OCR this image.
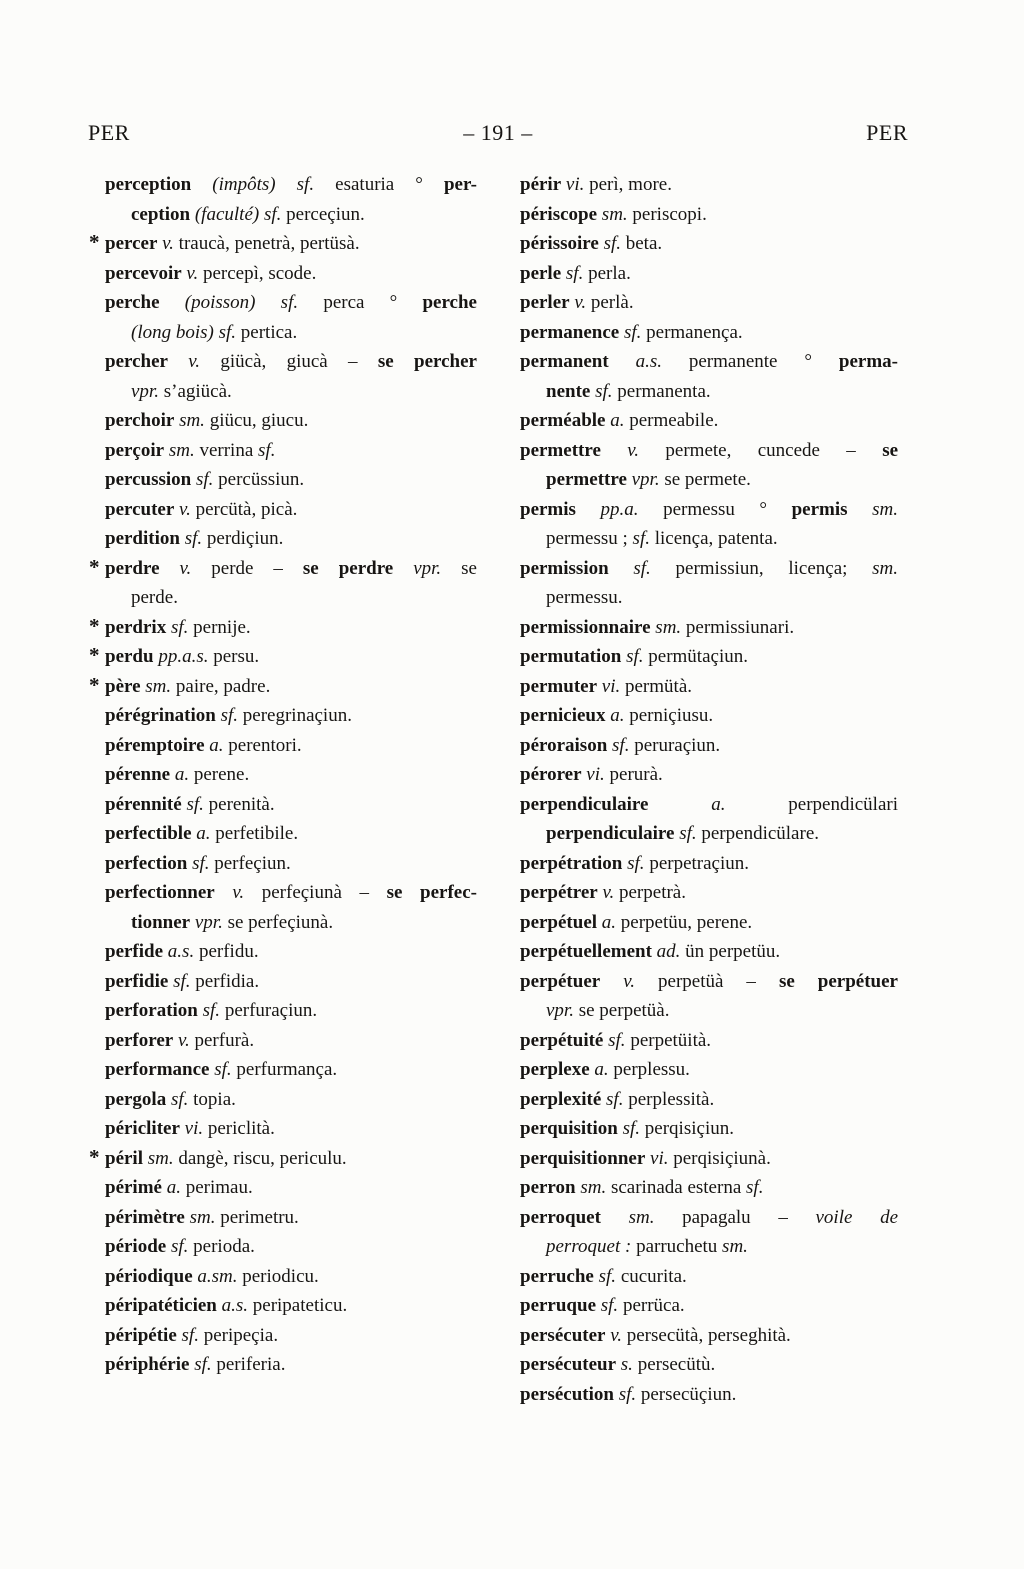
PER	– 191 –	PER
perception (impôts) sf. esaturia ° per-
ception (faculté) sf. perceçiun.
* percer v. traucà, penetrà, pertüsà.
percevoir v. percepì, scode.
perche (poisson) sf. perca ° perche
(long bois) sf. pertica.
percher v. giücà, giucà – se percher
vpr. s’agiücà.
perchoir sm. giücu, giucu.
perçoir sm. verrina sf.
percussion sf. percüssiun.
percuter v. percütà, picà.
perdition sf. perdiçiun.
* perdre v. perde – se perdre vpr. se
perde.
* perdrix sf. pernije.
* perdu pp.a.s. persu.
* père sm. paire, padre.
pérégrination sf. peregrinaçiun.
péremptoire a. perentori.
pérenne a. perene.
pérennité sf. perenità.
perfectible a. perfetibile.
perfection sf. perfeçiun.
perfectionner v. perfeçiunà – se perfec-
tionner vpr. se perfeçiunà.
perfide a.s. perfidu.
perfidie sf. perfidia.
perforation sf. perfuraçiun.
perforer v. perfurà.
performance sf. perfurmança.
pergola sf. topia.
péricliter vi. periclità.
* péril sm. dangè, riscu, periculu.
périmé a. perimau.
périmètre sm. perimetru.
période sf. perioda.
périodique a.sm. periodicu.
péripatéticien a.s. peripateticu.
péripétie sf. peripeçia.
périphérie sf. periferia.
périr vi. perì, more.
périscope sm. periscopi.
périssoire sf. beta.
perle sf. perla.
perler v. perlà.
permanence sf. permanença.
permanent a.s. permanente ° perma-
nente sf. permanenta.
perméable a. permeabile.
permettre v. permete, cuncede – se
permettre vpr. se permete.
permis pp.a. permessu ° permis sm.
permessu ; sf. licença, patenta.
permission sf. permissiun, licença; sm.
permessu.
permissionnaire sm. permissiunari.
permutation sf. permütaçiun.
permuter vi. permütà.
pernicieux a. perniçiusu.
péroraison sf. peruraçiun.
pérorer vi. perurà.
perpendiculaire a. perpendicülari
perpendiculaire sf. perpendicülare.
perpétration sf. perpetraçiun.
perpétrer v. perpetrà.
perpétuel a. perpetüu, perene.
perpétuellement ad. ün perpetüu.
perpétuer v. perpetüà – se perpétuer
vpr. se perpetüà.
perpétuité sf. perpetüità.
perplexe a. perplessu.
perplexité sf. perplessità.
perquisition sf. perqisiçiun.
perquisitionner vi. perqisiçiunà.
perron sm. scarinada esterna sf.
perroquet sm. papagalu – voile de
perroquet : parruchetu sm.
perruche sf. cucurita.
perruque sf. perrüca.
persécuter v. persecütà, perseghità.
persécuteur s. persecütù.
persécution sf. persecüçiun.
